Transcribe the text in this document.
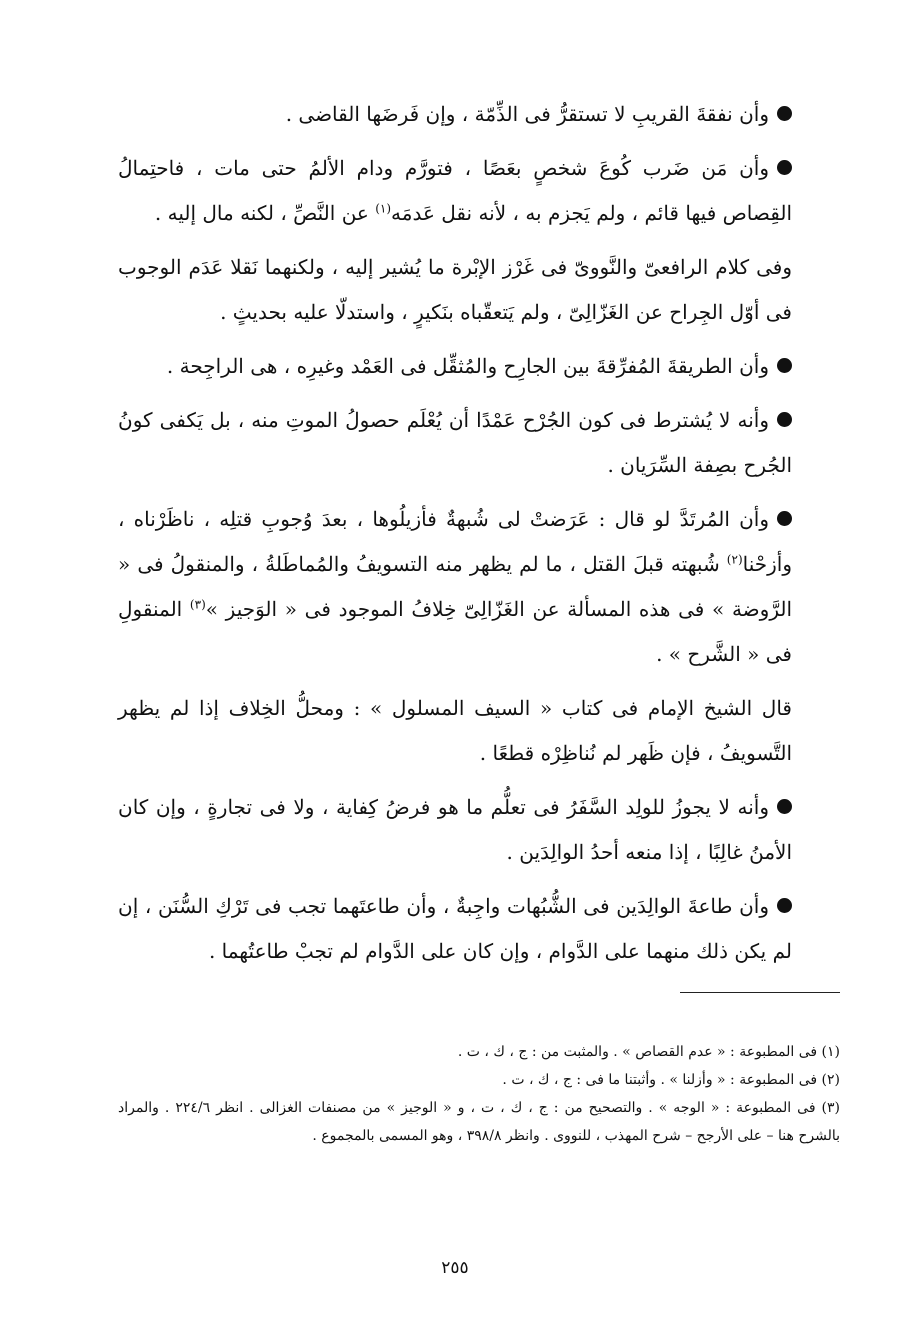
وأن نفقةَ القريبِ لا تستقرُّ فى الذِّمّة ، وإن فَرضَها القاضى .

وأن مَن ضَرب كُوعَ شخصٍ بعَصًا ، فتورَّم ودام الألمُ حتى مات ، فاحتِمالُ القِصاص فيها قائم ، ولم يَجزم به ، لأنه نقل عَدمَه$^{(١)}$ عن النَّصِّ ، لكنه مال إليه .

وفى كلام الرافعىّ والنَّووىّ فى غَرْز الإبْرة ما يُشير إليه ، ولكنهما نَقلا عَدَم الوجوب فى أوّل الجِراح عن الغَزّالِىّ ، ولم يَتعقّباه بنَكيرٍ ، واستدلّا عليه بحديثٍ .

وأن الطريقةَ المُفرِّقةَ بين الجارِح والمُثقِّل فى العَمْد وغيرِه ، هى الراجِحة .

وأنه لا يُشترط فى كون الجُرْح عَمْدًا أن يُعْلَم حصولُ الموتِ منه ، بل يَكفى كونُ الجُرح بصِفة السِّرَيان .

وأن المُرتَدَّ لو قال : عَرَضتْ لى شُبهةٌ فأزيلُوها ، بعدَ وُجوبِ قتلِه ، ناظَرْناه ، وأزحْنا$^{(٢)}$ شُبهته قبلَ القتل ، ما لم يظهر منه التسويفُ والمُماطَلةُ ، والمنقولُ فى « الرَّوضة » فى هذه المسألة عن الغَزّالِىّ خِلافُ الموجود فى « الوَجيز »$^{(٣)}$ المنقولِ فى « الشَّرح » .

قال الشيخ الإمام فى كتاب « السيف المسلول » : ومحلُّ الخِلاف إذا لم يظهر التَّسويفُ ، فإن ظَهر لم نُناظِرْه قطعًا .

وأنه لا يجوزُ للولِد السَّفَرُ فى تعلُّم ما هو فرضُ كِفاية ، ولا فى تجارةٍ ، وإن كان الأمنُ غالِبًا ، إذا منعه أحدُ الوالِدَين .

وأن طاعةَ الوالِدَين فى الشُّبُهات واجِبةٌ ، وأن طاعتَهما تجب فى تَرْكِ السُّنَن ، إن لم يكن ذلك منهما على الدَّوام ، وإن كان على الدَّوام لم تجبْ طاعتُهما .

(١) فى المطبوعة : « عدم القصاص » . والمثبت من : ج ، ك ، ت .

(٢) فى المطبوعة : « وأزلنا » . وأثبتنا ما فى : ج ، ك ، ت .

(٣) فى المطبوعة : « الوجه » . والتصحيح من : ج ، ك ، ت ، و « الوجيز » من مصنفات الغزالى . انظر ٢٢٤/٦ . والمراد بالشرح هنا – على الأرجح – شرح المهذب ، للنووى . وانظر ٣٩٨/٨ ، وهو المسمى بالمجموع .

٢٥٥
